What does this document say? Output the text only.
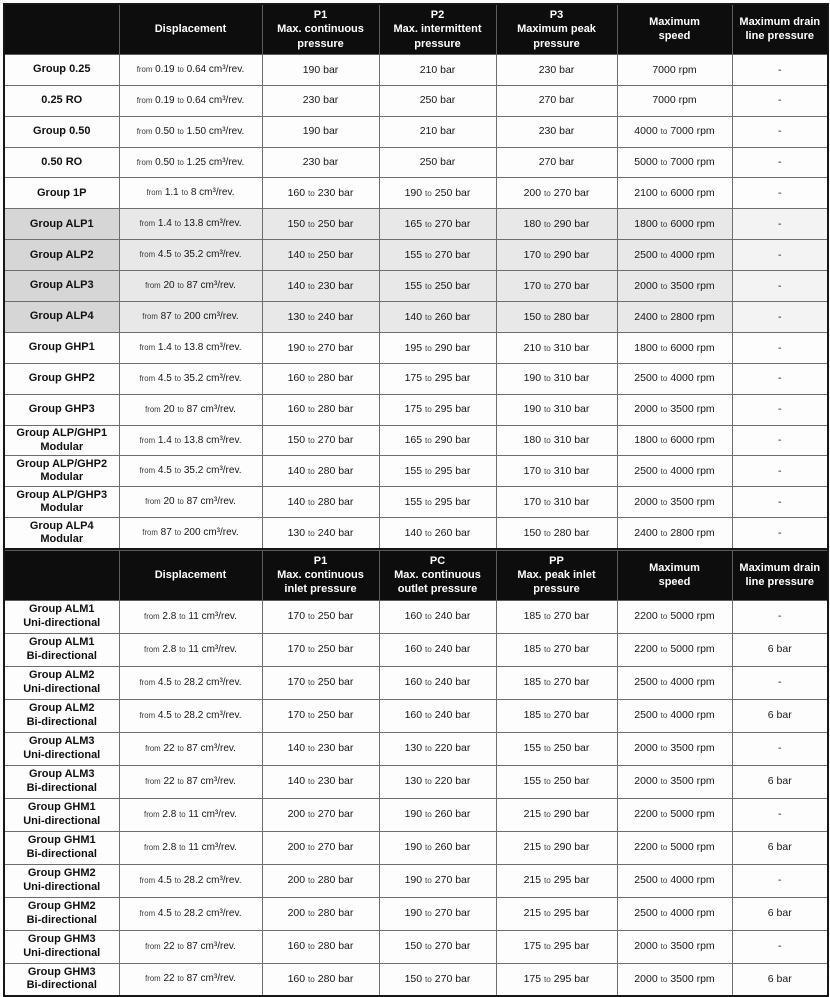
	Displacement	P1
Max. continuous
pressure	P2
Max. intermittent
pressure	P3
Maximum peak
pressure	Maximum
speed	Maximum drain
line pressure
Group 0.25	from 0.19 to 0.64 cm³/rev.	190 bar	210 bar	230 bar	7000 rpm	-
0.25 RO	from 0.19 to 0.64 cm³/rev.	230 bar	250 bar	270 bar	7000 rpm	-
Group 0.50	from 0.50 to 1.50 cm³/rev.	190 bar	210 bar	230 bar	4000 to 7000 rpm	-
0.50 RO	from 0.50 to 1.25 cm³/rev.	230 bar	250 bar	270 bar	5000 to 7000 rpm	-
Group 1P	from 1.1 to 8 cm³/rev.	160 to 230 bar	190 to 250 bar	200 to 270 bar	2100 to 6000 rpm	-
Group ALP1	from 1.4 to 13.8 cm³/rev.	150 to 250 bar	165 to 270 bar	180 to 290 bar	1800 to 6000 rpm	-
Group ALP2	from 4.5 to 35.2 cm³/rev.	140 to 250 bar	155 to 270 bar	170 to 290 bar	2500 to 4000 rpm	-
Group ALP3	from 20 to 87 cm³/rev.	140 to 230 bar	155 to 250 bar	170 to 270 bar	2000 to 3500 rpm	-
Group ALP4	from 87 to 200 cm³/rev.	130 to 240 bar	140 to 260 bar	150 to 280 bar	2400 to 2800 rpm	-
Group GHP1	from 1.4 to 13.8 cm³/rev.	190 to 270 bar	195 to 290 bar	210 to 310 bar	1800 to 6000 rpm	-
Group GHP2	from 4.5 to 35.2 cm³/rev.	160 to 280 bar	175 to 295 bar	190 to 310 bar	2500 to 4000 rpm	-
Group GHP3	from 20 to 87 cm³/rev.	160 to 280 bar	175 to 295 bar	190 to 310 bar	2000 to 3500 rpm	-
Group ALP/GHP1
Modular	from 1.4 to 13.8 cm³/rev.	150 to 270 bar	165 to 290 bar	180 to 310 bar	1800 to 6000 rpm	-
Group ALP/GHP2
Modular	from 4.5 to 35.2 cm³/rev.	140 to 280 bar	155 to 295 bar	170 to 310 bar	2500 to 4000 rpm	-
Group ALP/GHP3
Modular	from 20 to 87 cm³/rev.	140 to 280 bar	155 to 295 bar	170 to 310 bar	2000 to 3500 rpm	-
Group ALP4
Modular	from 87 to 200 cm³/rev.	130 to 240 bar	140 to 260 bar	150 to 280 bar	2400 to 2800 rpm	-
	Displacement	P1
Max. continuous
inlet pressure	PC
Max. continuous
outlet pressure	PP
Max. peak inlet
pressure	Maximum
speed	Maximum drain
line pressure
Group ALM1
Uni-directional	from 2.8 to 11 cm³/rev.	170 to 250 bar	160 to 240 bar	185 to 270 bar	2200 to 5000 rpm	-
Group ALM1
Bi-directional	from 2.8 to 11 cm³/rev.	170 to 250 bar	160 to 240 bar	185 to 270 bar	2200 to 5000 rpm	6 bar
Group ALM2
Uni-directional	from 4.5 to 28.2 cm³/rev.	170 to 250 bar	160 to 240 bar	185 to 270 bar	2500 to 4000 rpm	-
Group ALM2
Bi-directional	from 4.5 to 28.2 cm³/rev.	170 to 250 bar	160 to 240 bar	185 to 270 bar	2500 to 4000 rpm	6 bar
Group ALM3
Uni-directional	from 22 to 87 cm³/rev.	140 to 230 bar	130 to 220 bar	155 to 250 bar	2000 to 3500 rpm	-
Group ALM3
Bi-directional	from 22 to 87 cm³/rev.	140 to 230 bar	130 to 220 bar	155 to 250 bar	2000 to 3500 rpm	6 bar
Group GHM1
Uni-directional	from 2.8 to 11 cm³/rev.	200 to 270 bar	190 to 260 bar	215 to 290 bar	2200 to 5000 rpm	-
Group GHM1
Bi-directional	from 2.8 to 11 cm³/rev.	200 to 270 bar	190 to 260 bar	215 to 290 bar	2200 to 5000 rpm	6 bar
Group GHM2
Uni-directional	from 4.5 to 28.2 cm³/rev.	200 to 280 bar	190 to 270 bar	215 to 295 bar	2500 to 4000 rpm	-
Group GHM2
Bi-directional	from 4.5 to 28.2 cm³/rev.	200 to 280 bar	190 to 270 bar	215 to 295 bar	2500 to 4000 rpm	6 bar
Group GHM3
Uni-directional	from 22 to 87 cm³/rev.	160 to 280 bar	150 to 270 bar	175 to 295 bar	2000 to 3500 rpm	-
Group GHM3
Bi-directional	from 22 to 87 cm³/rev.	160 to 280 bar	150 to 270 bar	175 to 295 bar	2000 to 3500 rpm	6 bar
